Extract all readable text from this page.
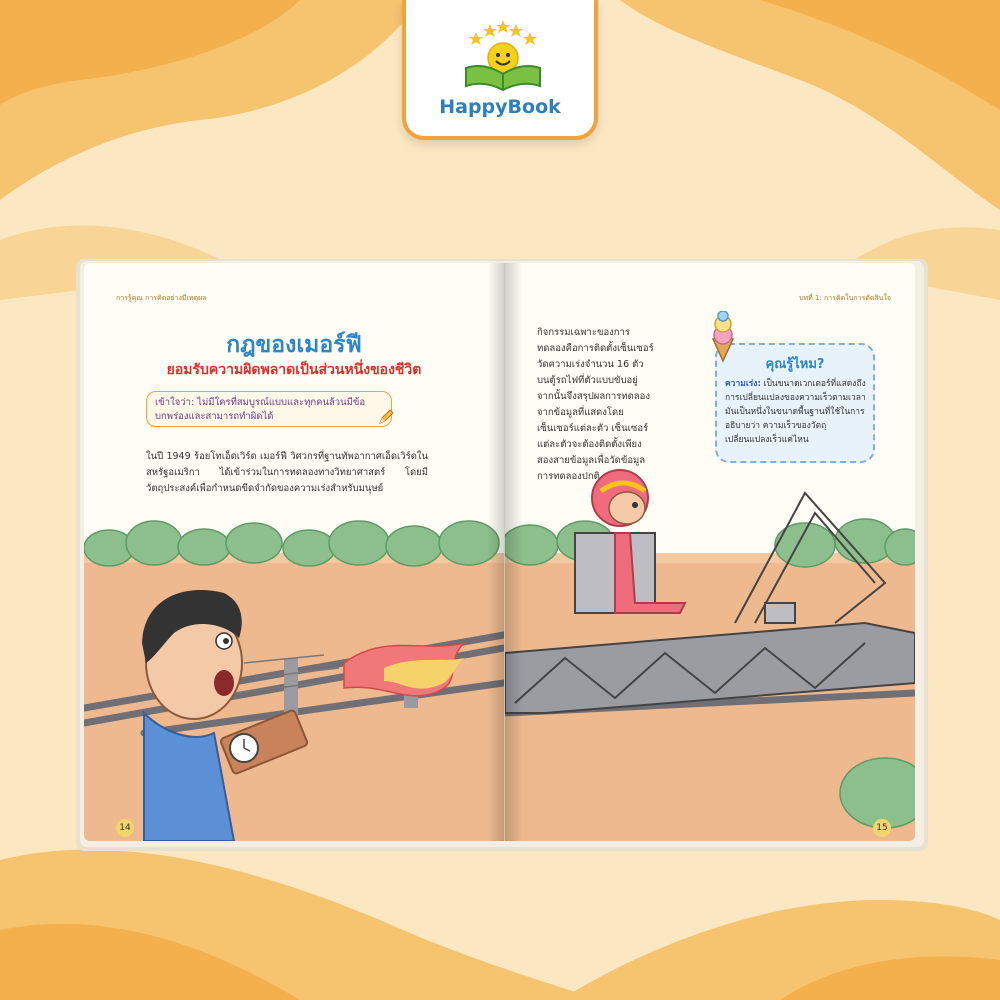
HappyBook
การรู้คุณ การคิดอย่างมีเหตุผล
กฎของเมอร์ฟี
ยอมรับความผิดพลาดเป็นส่วนหนึ่งของชีวิต
เข้าใจว่า: ไม่มีใครที่สมบูรณ์แบบและทุกคนล้วนมีข้อบกพร่องและสามารถทำผิดได้
ในปี 1949 ร้อยโทเอ็ดเวิร์ด เมอร์ฟี วิศวกรที่ฐานทัพอากาศเอ็ดเวิร์ดในสหรัฐอเมริกา ได้เข้าร่วมในการทดลองทางวิทยาศาสตร์ โดยมีวัตถุประสงค์เพื่อกำหนดขีดจำกัดของความเร่งสำหรับมนุษย์
14
บทที่ 1: การคิดในการตัดสินใจ
กิจกรรมเฉพาะของการทดลองคือการติดตั้งเซ็นเซอร์วัดความเร่งจำนวน 16 ตัวบนตู้รถไฟที่ตัวแบบขับอยู่ จากนั้นจึงสรุปผลการทดลองจากข้อมูลที่แสดงโดยเซ็นเซอร์แต่ละตัว เซ็นเซอร์แต่ละตัวจะต้องติดตั้งเพียงสองสายข้อมูลเพื่อวัดข้อมูลการทดลองปกติ
คุณรู้ไหม?
ความเร่ง: เป็นขนาดเวกเตอร์ที่แสดงถึงการเปลี่ยนแปลงของความเร็วตามเวลา มันเป็นหนึ่งในขนาดพื้นฐานที่ใช้ในการอธิบายว่า ความเร็วของวัตถุเปลี่ยนแปลงเร็วแค่ไหน
15
